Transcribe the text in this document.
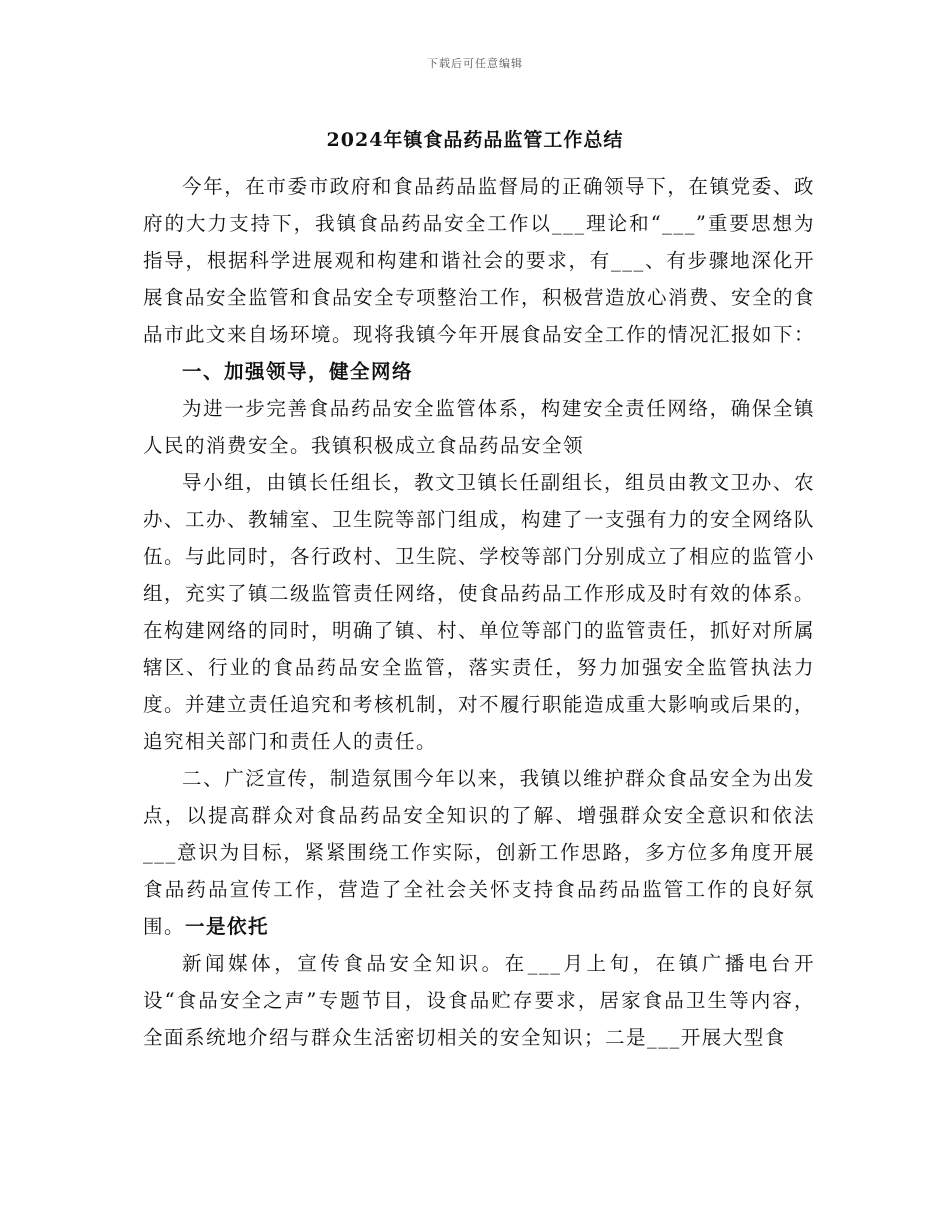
下载后可任意编辑
2024年镇食品药品监管工作总结

今年，在市委市政府和食品药品监督局的正确领导下，在镇党委、政府的大力支持下，我镇食品药品安全工作以___理论和“___”重要思想为指导，根据科学进展观和构建和谐社会的要求，有___、有步骤地深化开展食品安全监管和食品安全专项整治工作，积极营造放心消费、安全的食品市此文来自场环境。现将我镇今年开展食品安全工作的情况汇报如下：

一、加强领导，健全网络

为进一步完善食品药品安全监管体系，构建安全责任网络，确保全镇人民的消费安全。我镇积极成立食品药品安全领

导小组，由镇长任组长，教文卫镇长任副组长，组员由教文卫办、农办、工办、教辅室、卫生院等部门组成，构建了一支强有力的安全网络队伍。与此同时，各行政村、卫生院、学校等部门分别成立了相应的监管小组，充实了镇二级监管责任网络，使食品药品工作形成及时有效的体系。在构建网络的同时，明确了镇、村、单位等部门的监管责任，抓好对所属辖区、行业的食品药品安全监管，落实责任，努力加强安全监管执法力度。并建立责任追究和考核机制，对不履行职能造成重大影响或后果的，追究相关部门和责任人的责任。

二、广泛宣传，制造氛围今年以来，我镇以维护群众食品安全为出发点，以提高群众对食品药品安全知识的了解、增强群众安全意识和依法___意识为目标，紧紧围绕工作实际，创新工作思路，多方位多角度开展食品药品宣传工作，营造了全社会关怀支持食品药品监管工作的良好氛围。一是依托

新闻媒体，宣传食品安全知识。在___月上旬，在镇广播电台开设“食品安全之声”专题节目，设食品贮存要求，居家食品卫生等内容，全面系统地介绍与群众生活密切相关的安全知识；二是___开展大型食
